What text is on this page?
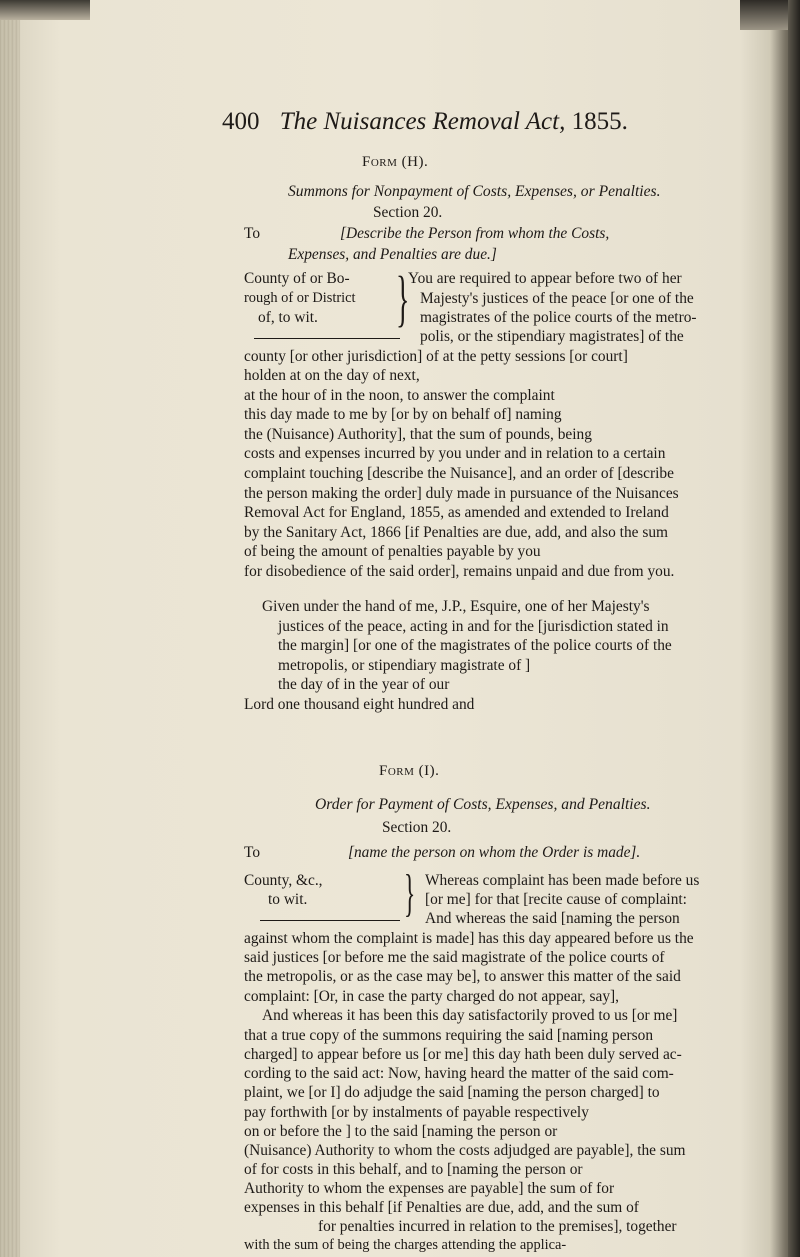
400 The Nuisances Removal Act, 1855.
Form (H).
Summons for Nonpayment of Costs, Expenses, or Penalties.
Section 20.
To	[Describe the Person from whom the Costs,
Expenses, and Penalties are due.]
County of or Bo-	You are required to appear before two of her
rough of or District	Majesty's justices of the peace [or one of the
of, to wit.	magistrates of the police courts of the metro-
polis, or the stipendiary magistrates] of the
}
county [or other jurisdiction] of at the petty sessions [or court]
holden at on the day of next,
at the hour of in the noon, to answer the complaint
this day made to me by [or by on behalf of] naming
the (Nuisance) Authority], that the sum of pounds, being
costs and expenses incurred by you under and in relation to a certain
complaint touching [describe the Nuisance], and an order of [describe
the person making the order] duly made in pursuance of the Nuisances
Removal Act for England, 1855, as amended and extended to Ireland
by the Sanitary Act, 1866 [if Penalties are due, add, and also the sum
of being the amount of penalties payable by you
for disobedience of the said order], remains unpaid and due from you.
Given under the hand of me, J.P., Esquire, one of her Majesty's
justices of the peace, acting in and for the [jurisdiction stated in
the margin] [or one of the magistrates of the police courts of the
metropolis, or stipendiary magistrate of ]
the day of in the year of our
Lord one thousand eight hundred and
Form (I).
Order for Payment of Costs, Expenses, and Penalties.
Section 20.
To	[name the person on whom the Order is made].
County, &c.,	Whereas complaint has been made before us
to wit.	[or me] for that [recite cause of complaint:
And whereas the said [naming the person
}
against whom the complaint is made] has this day appeared before us the
said justices [or before me the said magistrate of the police courts of
the metropolis, or as the case may be], to answer this matter of the said
complaint: [Or, in case the party charged do not appear, say],
And whereas it has been this day satisfactorily proved to us [or me]
that a true copy of the summons requiring the said [naming person
charged] to appear before us [or me] this day hath been duly served ac-
cording to the said act: Now, having heard the matter of the said com-
plaint, we [or I] do adjudge the said [naming the person charged] to
pay forthwith [or by instalments of payable respectively
on or before the ] to the said [naming the person or
(Nuisance) Authority to whom the costs adjudged are payable], the sum
of for costs in this behalf, and to [naming the person or
Authority to whom the expenses are payable] the sum of for
expenses in this behalf [if Penalties are due, add, and the sum of
for penalties incurred in relation to the premises], together
with the sum of being the charges attending the applica-
